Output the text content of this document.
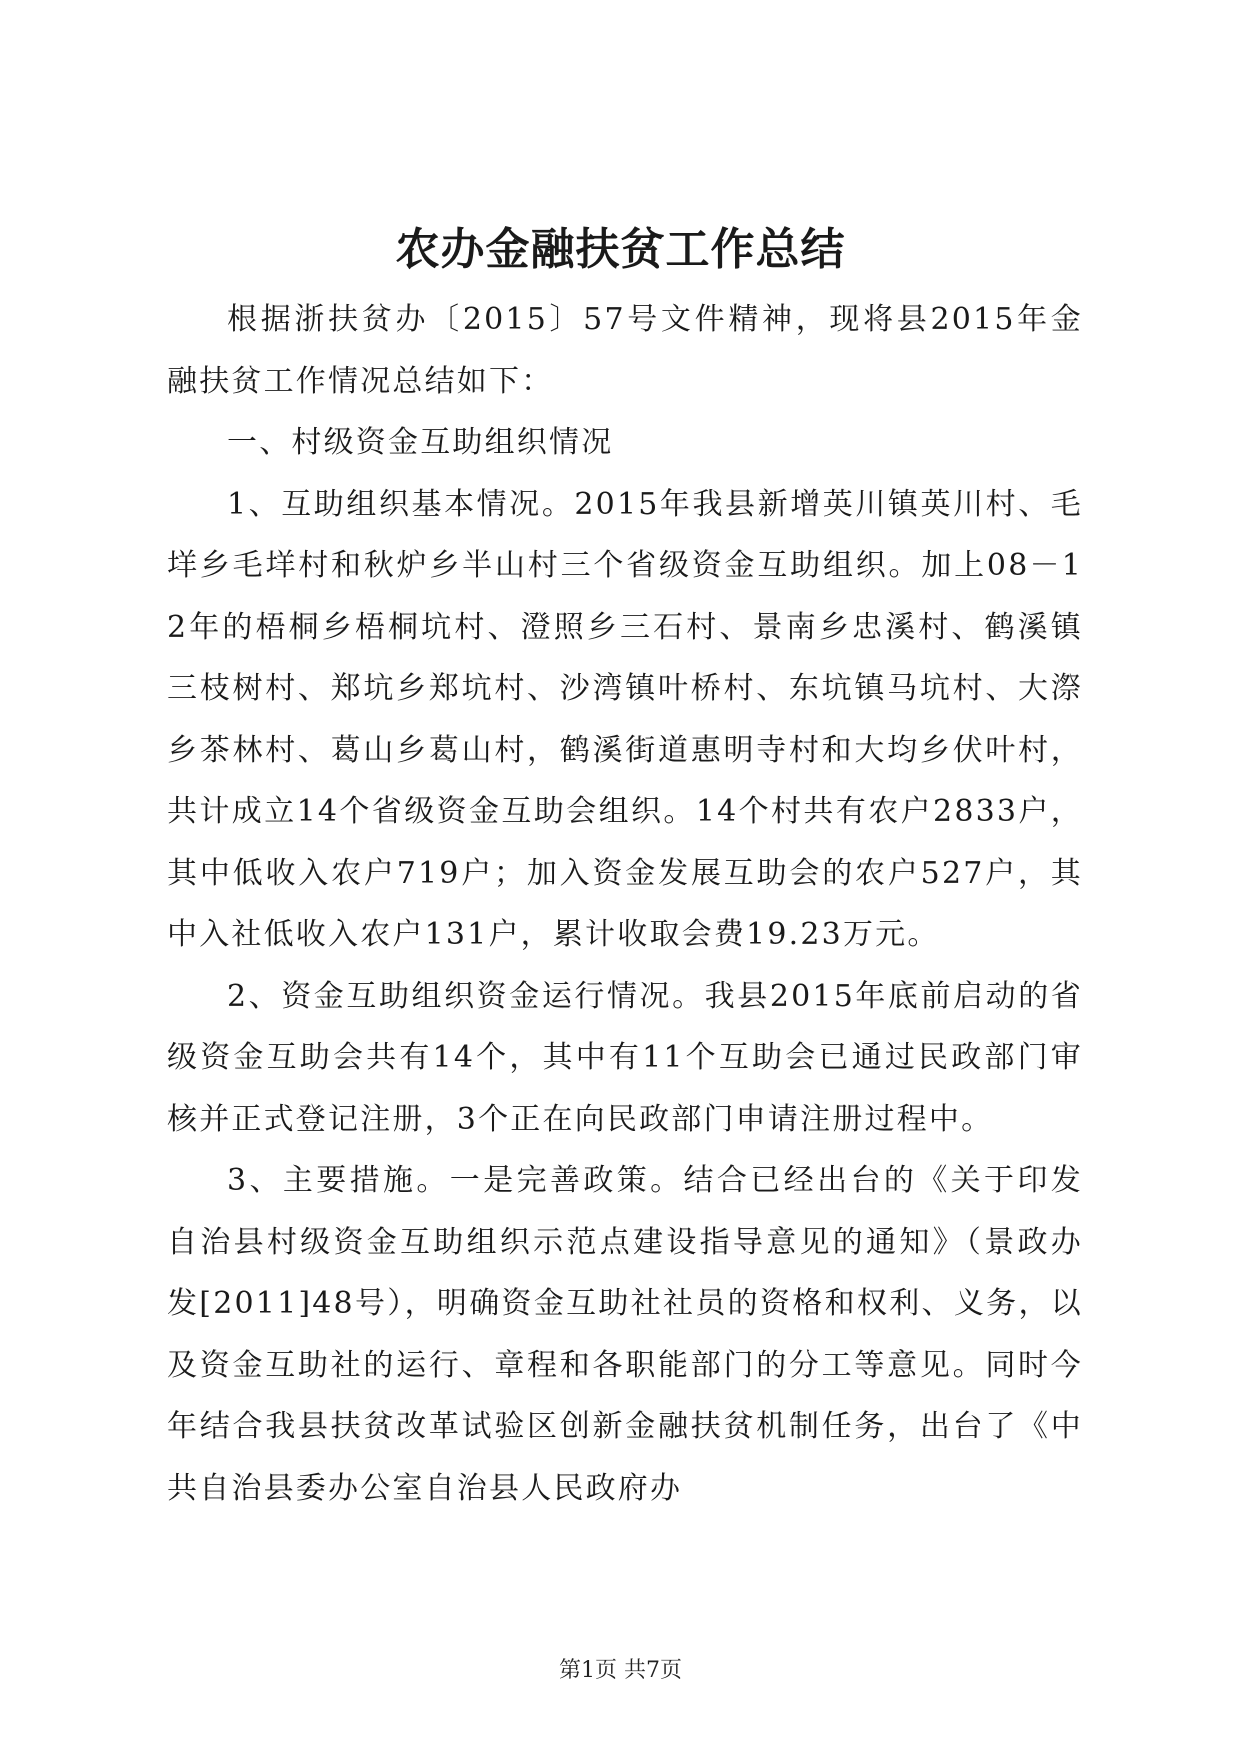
农办金融扶贫工作总结

根据浙扶贫办〔2015〕57号文件精神，现将县2015年金融扶贫工作情况总结如下：

一、村级资金互助组织情况

1、互助组织基本情况。2015年我县新增英川镇英川村、毛垟乡毛垟村和秋炉乡半山村三个省级资金互助组织。加上08－12年的梧桐乡梧桐坑村、澄照乡三石村、景南乡忠溪村、鹤溪镇三枝树村、郑坑乡郑坑村、沙湾镇叶桥村、东坑镇马坑村、大漈乡茶林村、葛山乡葛山村，鹤溪街道惠明寺村和大均乡伏叶村，共计成立14个省级资金互助会组织。14个村共有农户2833户，其中低收入农户719户；加入资金发展互助会的农户527户，其中入社低收入农户131户，累计收取会费19.23万元。

2、资金互助组织资金运行情况。我县2015年底前启动的省级资金互助会共有14个，其中有11个互助会已通过民政部门审核并正式登记注册，3个正在向民政部门申请注册过程中。

3、主要措施。一是完善政策。结合已经出台的《关于印发自治县村级资金互助组织示范点建设指导意见的通知》（景政办发[2011]48号），明确资金互助社社员的资格和权利、义务，以及资金互助社的运行、章程和各职能部门的分工等意见。同时今年结合我县扶贫改革试验区创新金融扶贫机制任务，出台了《中共自治县委办公室自治县人民政府办

第1页 共7页
